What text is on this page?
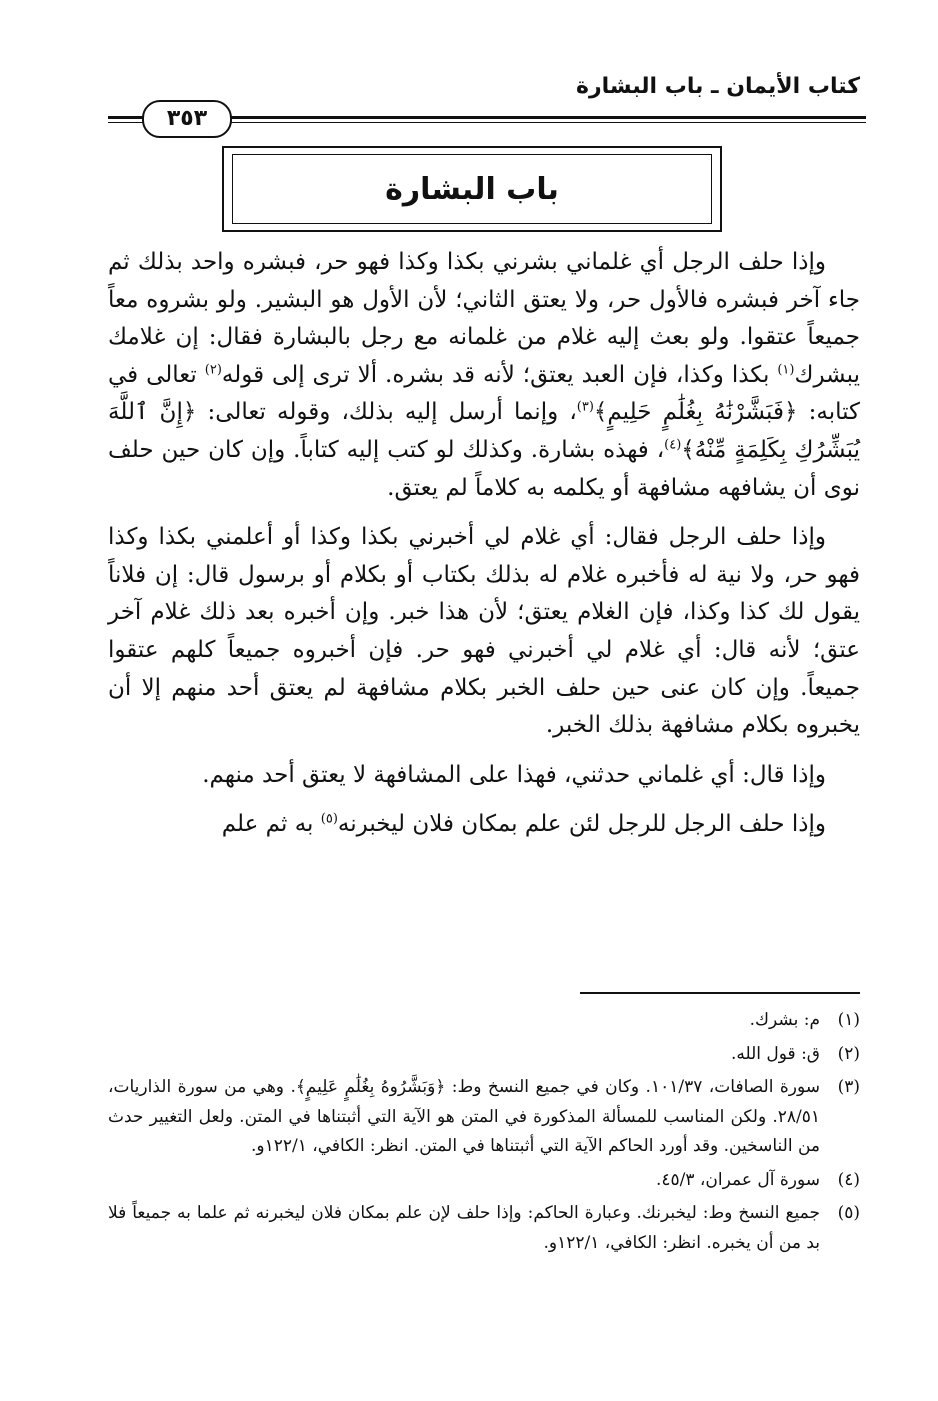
كتاب الأيمان ـ باب البشارة
٣٥٣
باب البشارة

وإذا حلف الرجل أي غلماني بشرني بكذا وكذا فهو حر، فبشره واحد بذلك ثم جاء آخر فبشره فالأول حر، ولا يعتق الثاني؛ لأن الأول هو البشير. ولو بشروه معاً جميعاً عتقوا. ولو بعث إليه غلام من غلمانه مع رجل بالبشارة فقال: إن غلامك يبشرك$^{(١)}$ بكذا وكذا، فإن العبد يعتق؛ لأنه قد بشره. ألا ترى إلى قوله$^{(٢)}$ تعالى في كتابه: ﴿فَبَشَّرْنَٰهُ بِغُلَٰمٍ حَلِيمٍ﴾$^{(٣)}$، وإنما أرسل إليه بذلك، وقوله تعالى: ﴿إِنَّ ٱللَّهَ يُبَشِّرُكِ بِكَلِمَةٍ مِّنْهُ﴾$^{(٤)}$، فهذه بشارة. وكذلك لو كتب إليه كتاباً. وإن كان حين حلف نوى أن يشافهه مشافهة أو يكلمه به كلاماً لم يعتق.

وإذا حلف الرجل فقال: أي غلام لي أخبرني بكذا وكذا أو أعلمني بكذا وكذا فهو حر، ولا نية له فأخبره غلام له بذلك بكتاب أو بكلام أو برسول قال: إن فلاناً يقول لك كذا وكذا، فإن الغلام يعتق؛ لأن هذا خبر. وإن أخبره بعد ذلك غلام آخر عتق؛ لأنه قال: أي غلام لي أخبرني فهو حر. فإن أخبروه جميعاً كلهم عتقوا جميعاً. وإن كان عنى حين حلف الخبر بكلام مشافهة لم يعتق أحد منهم إلا أن يخبروه بكلام مشافهة بذلك الخبر.

وإذا قال: أي غلماني حدثني، فهذا على المشافهة لا يعتق أحد منهم.

وإذا حلف الرجل للرجل لئن علم بمكان فلان ليخبرنه$^{(٥)}$ به ثم علم

(١)
م: بشرك.
(٢)
ق: قول الله.
(٣)
سورة الصافات، ١٠١/٣٧. وكان في جميع النسخ وط: ﴿وَبَشَّرُوهُ بِغُلَٰمٍ عَلِيمٍ﴾. وهي من سورة الذاريات، ٢٨/٥١. ولكن المناسب للمسألة المذكورة في المتن هو الآية التي أثبتناها في المتن. ولعل التغيير حدث من الناسخين. وقد أورد الحاكم الآية التي أثبتناها في المتن. انظر: الكافي، ١٢٢/١و.
(٤)
سورة آل عمران، ٤٥/٣.
(٥)
جميع النسخ وط: ليخبرنك. وعبارة الحاكم: وإذا حلف لإن علم بمكان فلان ليخبرنه ثم علما به جميعاً فلا بد من أن يخبره. انظر: الكافي، ١٢٢/١و.
